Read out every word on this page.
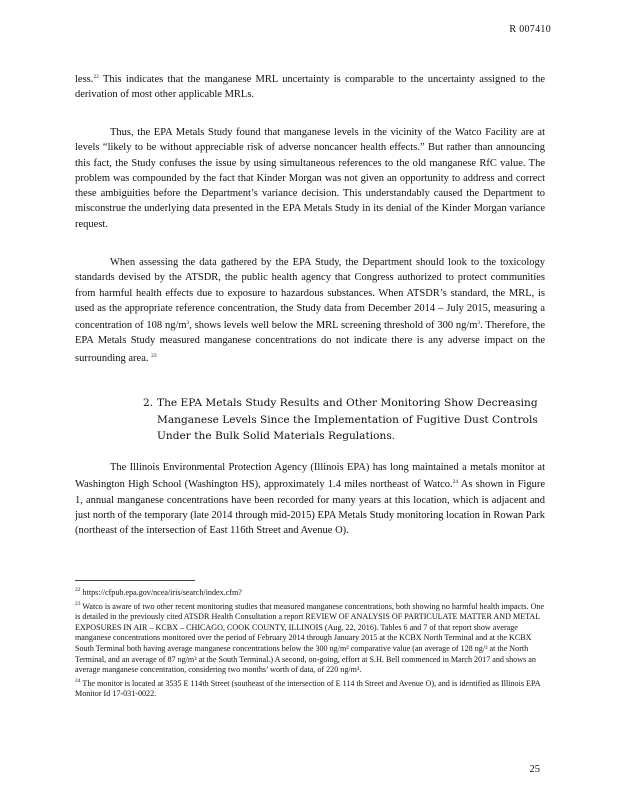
R 007410

less.$^{22}$ This indicates that the manganese MRL uncertainty is comparable to the uncertainty assigned to the derivation of most other applicable MRLs.

Thus, the EPA Metals Study found that manganese levels in the vicinity of the Watco Facility are at levels “likely to be without appreciable risk of adverse noncancer health effects.” But rather than announcing this fact, the Study confuses the issue by using simultaneous references to the old manganese RfC value. The problem was compounded by the fact that Kinder Morgan was not given an opportunity to address and correct these ambiguities before the Department’s variance decision. This understandably caused the Department to misconstrue the underlying data presented in the EPA Metals Study in its denial of the Kinder Morgan variance request.

When assessing the data gathered by the EPA Study, the Department should look to the toxicology standards devised by the ATSDR, the public health agency that Congress authorized to protect communities from harmful health effects due to exposure to hazardous substances. When ATSDR’s standard, the MRL, is used as the appropriate reference concentration, the Study data from December 2014 – July 2015, measuring a concentration of 108 $ng/m^3$, shows levels well below the MRL screening threshold of 300 $ng/m^3$. Therefore, the EPA Metals Study measured manganese concentrations do not indicate there is any adverse impact on the surrounding area. $^{23}$

2. The EPA Metals Study Results and Other Monitoring Show Decreasing
Manganese Levels Since the Implementation of Fugitive Dust Controls
Under the Bulk Solid Materials Regulations.

The Illinois Environmental Protection Agency (Illinois EPA) has long maintained a metals monitor at Washington High School (Washington HS), approximately 1.4 miles northeast of Watco.$^{24}$ As shown in Figure 1, annual manganese concentrations have been recorded for many years at this location, which is adjacent and just north of the temporary (late 2014 through mid-2015) EPA Metals Study monitoring location in Rowan Park (northeast of the intersection of East 116th Street and Avenue O).

$^{22}$ https://cfpub.epa.gov/ncea/iris/search/index.cfm?

$^{23}$ Watco is aware of two other recent monitoring studies that measured manganese concentrations, both showing no harmful health impacts. One is detailed in the previously cited ATSDR Health Consultation a report REVIEW OF ANALYSIS OF PARTICULATE MATTER AND METAL EXPOSURES IN AIR – KCBX – CHICAGO, COOK COUNTY, ILLINOIS (Aug. 22, 2016). Tables 6 and 7 of that report show average manganese concentrations monitored over the period of February 2014 through January 2015 at the KCBX North Terminal and at the KCBX South Terminal both having average manganese concentrations below the 300 ng/m² comparative value (an average of 128 ng/³ at the North Terminal, and an average of 87 ng/m³ at the South Terminal.) A second, on-going, effort at S.H. Bell commenced in March 2017 and shows an average manganese concentration, considering two months’ worth of data, of 220 ng/m³.

$^{24}$ The monitor is located at 3535 E 114th Street (southeast of the intersection of E 114 th Street and Avenue O), and is identified as Illinois EPA Monitor Id 17-031-0022.

25
